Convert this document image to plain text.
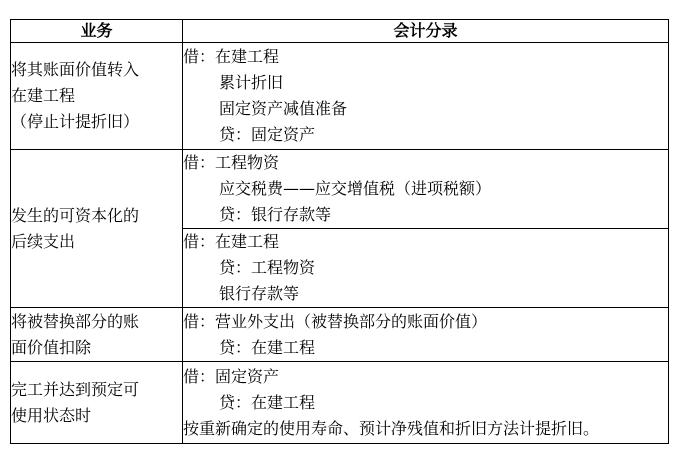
业务	会计分录

将其账面价值转入
在建工程
（停止计提折旧）	借：在建工程
累计折旧
固定资产减值准备
贷：固定资产

发生的可资本化的
后续支出	借：工程物资
应交税费——应交增值税（进项税额）
贷：银行存款等

	借：在建工程
贷：工程物资
银行存款等

将被替换部分的账
面价值扣除	借：营业外支出（被替换部分的账面价值）
贷：在建工程

完工并达到预定可
使用状态时	借：固定资产
贷：在建工程
按重新确定的使用寿命、预计净残值和折旧方法计提折旧。
